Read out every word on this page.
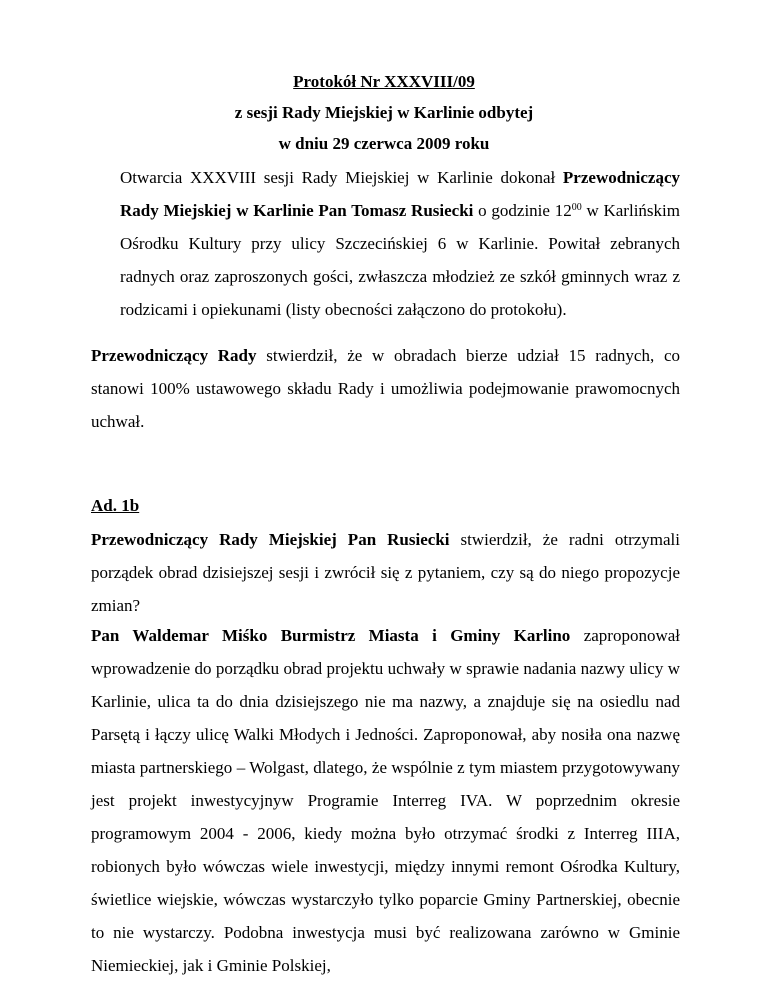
Protokół Nr XXXVIII/09
z sesji Rady Miejskiej w Karlinie odbytej
w dniu 29 czerwca 2009 roku
Otwarcia XXXVIII sesji Rady Miejskiej w Karlinie dokonał Przewodniczący Rady Miejskiej w Karlinie Pan Tomasz Rusiecki o godzinie $12^{00}$ w Karlińskim Ośrodku Kultury przy ulicy Szczecińskiej 6 w Karlinie. Powitał zebranych radnych oraz zaproszonych gości, zwłaszcza młodzież ze szkół gminnych wraz z rodzicami i opiekunami (listy obecności załączono do protokołu).
Przewodniczący Rady stwierdził, że w obradach bierze udział 15 radnych, co stanowi 100% ustawowego składu Rady i umożliwia podejmowanie prawomocnych uchwał.
Ad. 1b
Przewodniczący Rady Miejskiej Pan Rusiecki stwierdził, że radni otrzymali porządek obrad dzisiejszej sesji i zwrócił się z pytaniem, czy są do niego propozycje zmian?
Pan Waldemar Miśko Burmistrz Miasta i Gminy Karlino zaproponował wprowadzenie do porządku obrad projektu uchwały w sprawie nadania nazwy ulicy w Karlinie, ulica ta do dnia dzisiejszego nie ma nazwy, a znajduje się na osiedlu nad Parsętą i łączy ulicę Walki Młodych i Jedności. Zaproponował, aby nosiła ona nazwę miasta partnerskiego – Wolgast, dlatego, że wspólnie z tym miastem przygotowywany jest projekt inwestycyjnyw Programie Interreg IVA. W poprzednim okresie programowym 2004 - 2006, kiedy można było otrzymać środki z Interreg IIIA, robionych było wówczas wiele inwestycji, między innymi remont Ośrodka Kultury, świetlice wiejskie, wówczas wystarczyło tylko poparcie Gminy Partnerskiej, obecnie to nie wystarczy. Podobna inwestycja musi być realizowana zarówno w Gminie Niemieckiej, jak i Gminie Polskiej,
